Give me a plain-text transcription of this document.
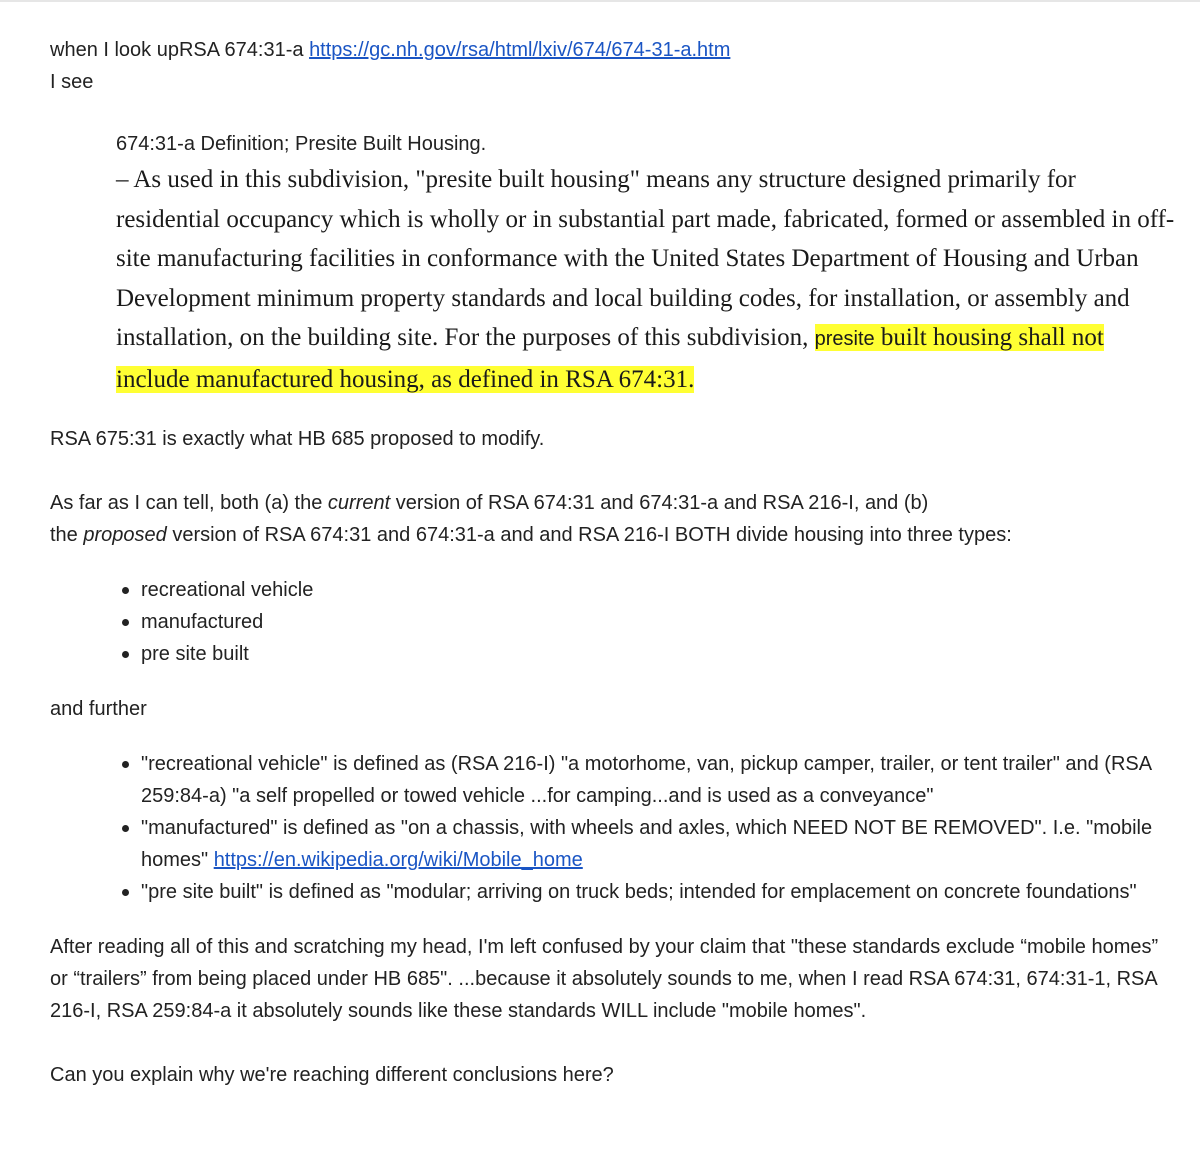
when I look upRSA 674:31-a https://gc.nh.gov/rsa/html/lxiv/674/674-31-a.htm

I see

674:31-a Definition; Presite Built Housing.
– As used in this subdivision, "presite built housing" means any structure designed primarily for residential occupancy which is wholly or in substantial part made, fabricated, formed or assembled in off-site manufacturing facilities in conformance with the United States Department of Housing and Urban Development minimum property standards and local building codes, for installation, or assembly and installation, on the building site. For the purposes of this subdivision, presite built housing shall not include manufactured housing, as defined in RSA 674:31.

RSA 675:31 is exactly what HB 685 proposed to modify.

As far as I can tell, both (a) the current version of RSA 674:31 and 674:31-a and RSA 216-I, and (b)
the proposed version of RSA 674:31 and 674:31-a and and RSA 216-I BOTH divide housing into three types:

recreational vehicle
manufactured
pre site built

and further

"recreational vehicle" is defined as (RSA 216-I) "a motorhome, van, pickup camper, trailer, or tent trailer" and (RSA 259:84-a) "a self propelled or towed vehicle ...for camping...and is used as a conveyance"
"manufactured" is defined as "on a chassis, with wheels and axles, which NEED NOT BE REMOVED". I.e. "mobile homes" https://en.wikipedia.org/wiki/Mobile_home
"pre site built" is defined as "modular; arriving on truck beds; intended for emplacement on concrete foundations"

After reading all of this and scratching my head, I'm left confused by your claim that "these standards exclude “mobile homes” or “trailers” from being placed under HB 685". ...because it absolutely sounds to me, when I read RSA 674:31, 674:31-1, RSA 216-I, RSA 259:84-a it absolutely sounds like these standards WILL include "mobile homes".

Can you explain why we're reaching different conclusions here?
